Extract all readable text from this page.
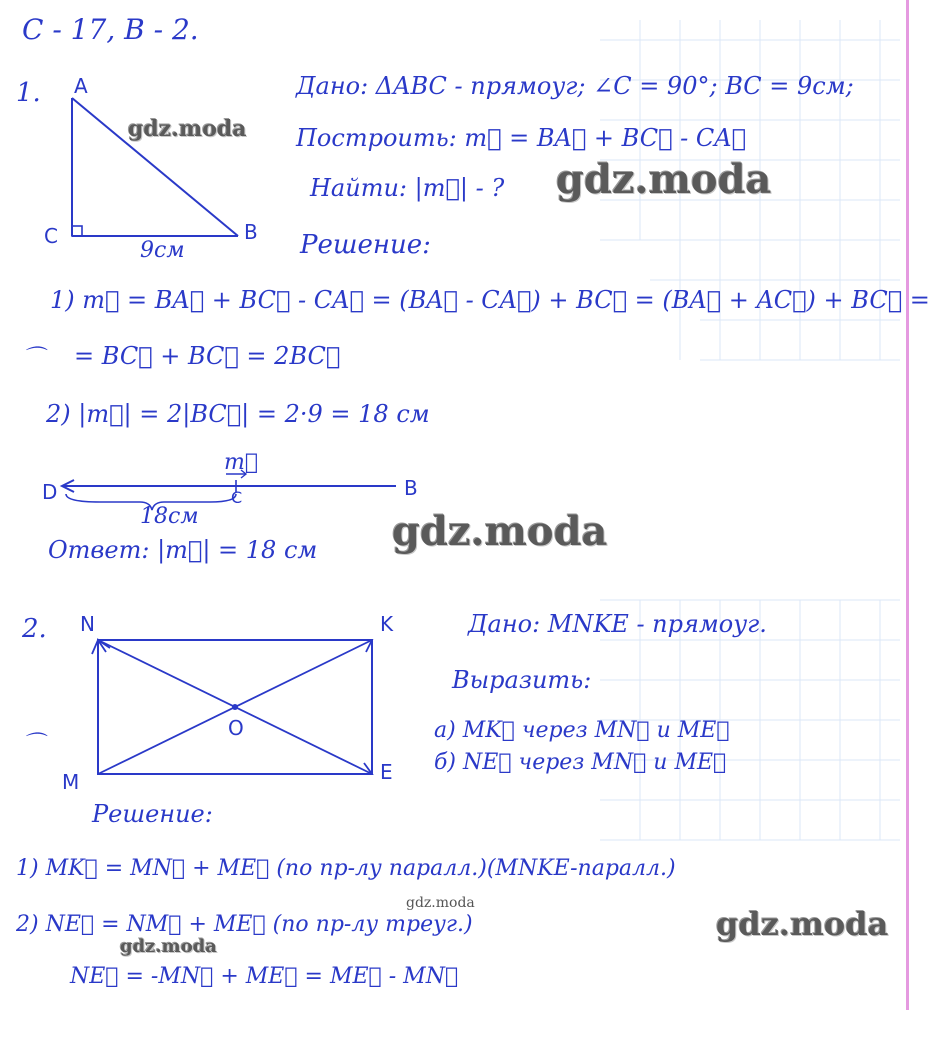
С - 17, В - 2.
1. A
B
C
9см
Дано: ΔABC - прямоуг; ∠C = 90°; BC = 9см;
Построить: m⃗ = BA⃗ + BC⃗ - CA⃗
Найти: |m⃗| - ?
Решение:
1) m⃗ = BA⃗ + BC⃗ - CA⃗ = (BA⃗ - CA⃗) + BC⃗ = (BA⃗ + AC⃗) + BC⃗ =
⌒ = BC⃗ + BC⃗ = 2BC⃗
2) |m⃗| = 2|BC⃗| = 2·9 = 18 см
D	C	B
m⃗
18см
Ответ: |m⃗| = 18 см
2. N	K
M	E
O
⌒
Дано: MNKE - прямоуг.
Выразить:
а) MK⃗ через MN⃗ и ME⃗
б) NE⃗ через MN⃗ и ME⃗
Решение:
1) MK⃗ = MN⃗ + ME⃗ (по пр-лу паралл.)(MNKE-паралл.)
2) NE⃗ = NM⃗ + ME⃗ (по пр-лу треуг.)
NE⃗ = -MN⃗ + ME⃗ = ME⃗ - MN⃗
gdz.moda
gdz.moda
gdz.moda
gdz.moda
gdz.moda
gdz.moda
